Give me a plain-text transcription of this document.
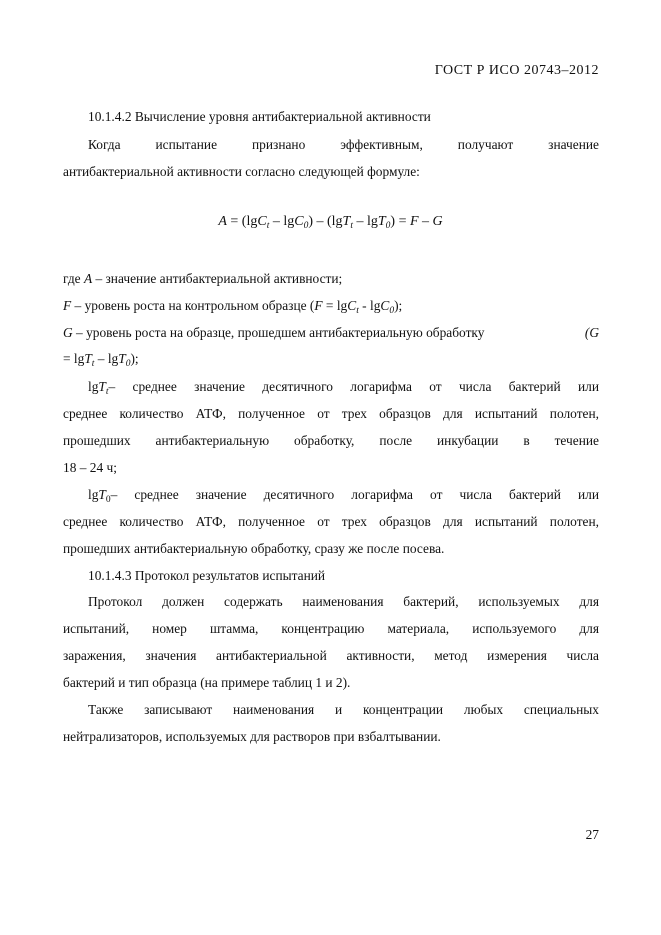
ГОСТ Р ИСО 20743–2012
10.1.4.2 Вычисление уровня антибактериальной активности
Когда испытание признано эффективным, получают значение
антибактериальной активности согласно следующей формуле:
A = (lgC$_t$ – lgC$_0$) – (lgT$_t$ – lgT$_0$) = F – G
где A – значение антибактериальной активности;
F – уровень роста на контрольном образце (F = lgC$_t$ - lgC$_0$);
G – уровень роста на образце, прошедшем антибактериальную обработку	(G
= lgT$_t$ – lgT$_0$);
lgT$_t$ – среднее значение десятичного логарифма от числа бактерий или
среднее количество АТФ, полученное от трех образцов для испытаний полотен,
прошедших антибактериальную обработку, после инкубации в течение
18 – 24 ч;
lgT$_0$ – среднее значение десятичного логарифма от числа бактерий или
среднее количество АТФ, полученное от трех образцов для испытаний полотен,
прошедших антибактериальную обработку, сразу же после посева.
10.1.4.3 Протокол результатов испытаний
Протокол должен содержать наименования бактерий, используемых для
испытаний, номер штамма, концентрацию материала, используемого для
заражения, значения антибактериальной активности, метод измерения числа
бактерий и тип образца (на примере таблиц 1 и 2).
Также записывают наименования и концентрации любых специальных
нейтрализаторов, используемых для растворов при взбалтывании.
27
